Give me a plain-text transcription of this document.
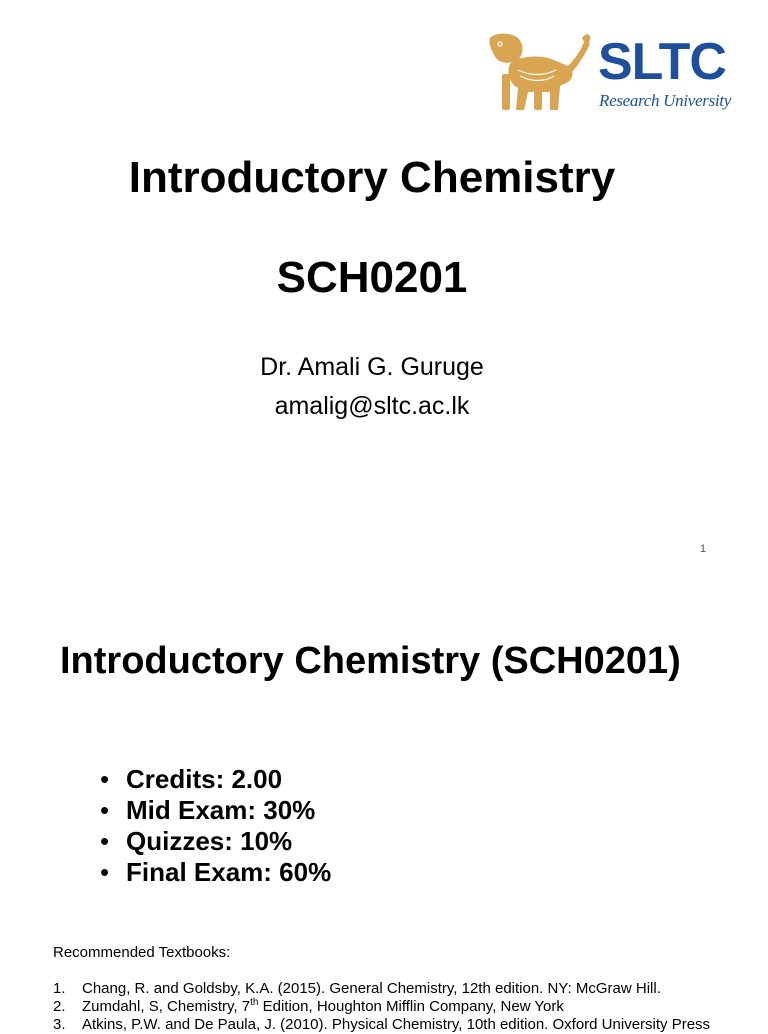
SLTC
Research University
Introductory Chemistry
SCH0201
Dr. Amali G. Guruge
amalig@sltc.ac.lk
1
Introductory Chemistry (SCH0201)
• Credits: 2.00
• Mid Exam: 30%
• Quizzes: 10%
• Final Exam: 60%
Recommended Textbooks:
1. Chang, R. and Goldsby, K.A. (2015). General Chemistry, 12th edition. NY: McGraw Hill.
2. Zumdahl, S, Chemistry, 7th Edition, Houghton Mifflin Company, New York
3. Atkins, P.W. and De Paula, J. (2010). Physical Chemistry, 10th edition. Oxford University Press
